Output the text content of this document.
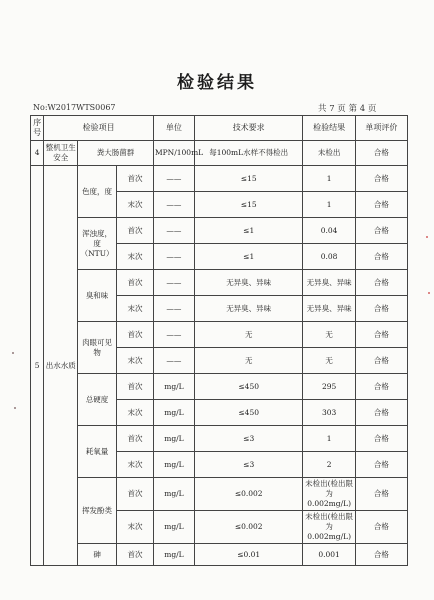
检验结果
No:W2017WTS0067	共 7 页 第 4 页
序号	检验项目			单位	技术要求	检验结果	单项评价
4	整机卫生安全	粪大肠菌群		MPN/100mL	每100mL水样不得检出	未检出	合格
5	出水水质	色度，度	首次	——	≤15	1	合格
			末次	——	≤15	1	合格
		浑浊度，度（NTU）	首次	——	≤1	0.04	合格
			末次	——	≤1	0.08	合格
		臭和味	首次	——	无异臭、异味	无异臭、异味	合格
			末次	——	无异臭、异味	无异臭、异味	合格
		肉眼可见物	首次	——	无	无	合格
			末次	——	无	无	合格
		总硬度	首次	mg/L	≤450	295	合格
			末次	mg/L	≤450	303	合格
		耗氧量	首次	mg/L	≤3	1	合格
			末次	mg/L	≤3	2	合格
		挥发酚类	首次	mg/L	≤0.002	未检出(检出限为0.002mg/L)	合格
			末次	mg/L	≤0.002	未检出(检出限为0.002mg/L)	合格
		砷	首次	mg/L	≤0.01	0.001	合格
